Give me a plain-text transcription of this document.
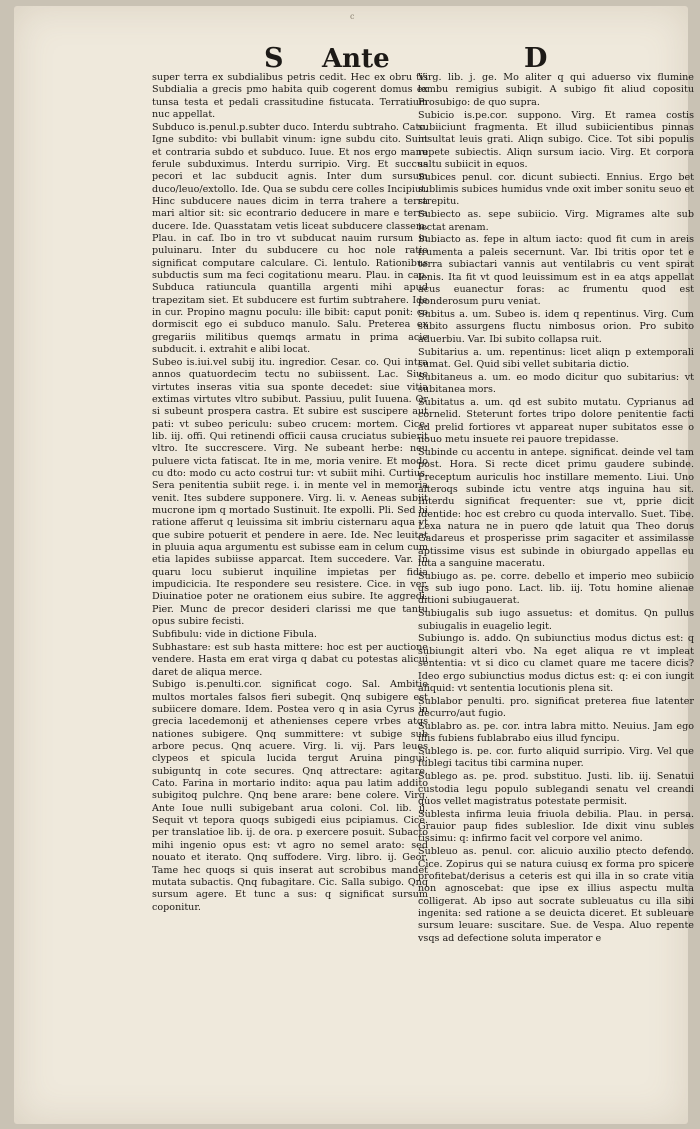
c
S Ante	D

super terra ex subdialibus petris cedit. Hec ex obru tis Subdialia a grecis pmo habita quib cogerent domus ex tunsa testa et pedali crassitudine fistucata. Terratium nuc appellat.

Subduco is.penul.p.subter duco. Interdu subtraho. Cato. Igne subdito: vbi bullabit vinum: igne subdu cito. Sunt et contraria subdo et subduco. Iuue. Et nos ergo manu ferule subduximus. Interdu surripio. Virg. Et succus pecori et lac subducit agnis. Inter dum sursum duco/leuo/extollo. Ide. Qua se subdu cere colles Incipiut. Hinc subducere naues dicim in terra trahere a terra mari altior sit: sic econtrario deducere in mare e terra ducere. Ide. Quasstatam vetis liceat subducere classem. Plau. in caf. Ibo in tro vt subducat nauim rursum in puluinaru. Inter du subducere cu hoc nole ratio significat computare calculare. Ci. lentulo. Rationibus subductis sum ma feci cogitationu mearu. Plau. in cap. Subduca ratiuncula quantilla argenti mihi apud trapezitam siet. Et subducere est furtim subtrahere. Ide in cur. Propino magnu poculu: ille bibit: caput ponit: co dormiscit ego ei subduco manulo. Salu. Preterea ex gregariis militibus quemqs armatu in prima acie subducit. i. extrahit e alibi locat.

Subeo is.iui.vel subij itu. ingredior. Cesar. co. Qui intra annos quatuordecim tectu no subiissent. Lac. Siue virtutes inseras vitia sua sponte decedet: siue vitia extimas virtutes vltro subibut. Passiuu, pulit Iuuena. Qr si subeunt prospera castra. Et subire est suscipere aut pati: vt subeo periculu: subeo crucem: mortem. Cice. lib. iij. offi. Qui retinendi officii causa cruciatus subierit vltro. Ite succrescere. Virg. Ne subeant herbe: neu puluere victa fatiscat. Ite in me, moria venire. Et modo cu dto: modo cu acto costrui tur: vt subiit mihi. Curtius. Sera penitentia subiit rege. i. in mente vel in memoria venit. Ites subdere supponere. Virg. li. v. Aeneas subiit mucrone ipm q mortado Sustinuit. Ite expolli. Pli. Sed hi ratione afferut q leuissima sit imbriu cisternaru aqua vt que subire potuerit et pendere in aere. Ide. Nec leuitat in pluuia aqua argumentu est subisse eam in celum cum etia lapides subiisse apparcat. Item succedere. Var. In quaru locu subierut inquiline impietas per fidia impudicicia. Ite respondere seu resistere. Cice. in ver. Diuinatioe poter ne orationem eius subire. Ite aggredi. Pier. Munc de precor desideri clarissi me que tantu opus subire fecisti.

Subfibulu: vide in dictione Fibula.

Subhastare: est sub hasta mittere: hoc est per auctione vendere. Hasta em erat virga q dabat cu potestas alicui daret de aliqua merce.

Subigo is.penulti.cor. significat cogo. Sal. Ambitio multos mortales falsos fieri subegit. Qnq subigere est subiicere domare. Idem. Postea vero q in asia Cyrus in grecia lacedemonij et athenienses cepere vrbes atqs nationes subigere. Qnq summittere: vt subige sub arbore pecus. Qnq acuere. Virg. li. vij. Pars leues clypeos et spicula lucida tergut Aruina pingui: subiguntq in cote secures. Qnq attrectare: agitare. Cato. Farina in mortario indito: aqua pau latim addito subigitoq pulchre. Qnq bene arare: bene colere. Virg. Ante Ioue nulli subigebant arua coloni. Col. lib. ij. Sequit vt tepora quoqs subigedi eius pcipiamus. Cice. per translatioe lib. ij. de ora. p exercere posuit. Subacto mihi ingenio opus est: vt agro no semel arato: sed nouato et iterato. Qnq suffodere. Virg. libro. ij. Geor. Tame hec quoqs si quis inserat aut scrobibus mandet mutata subactis. Qnq fubagitare. Cic. Salla subigo. Qnq sursum agere. Et tunc a sus: q significat sursum coponitur.

Virg. lib. j. ge. Mo aliter q qui aduerso vix flumine lembu remigius subigit. A subigo fit aliud copositu Prosubigo: de quo supra.

Subicio is.pe.cor. suppono. Virg. Et ramea costis subiiciunt fragmenta. Et illud subiicientibus pinnas insultat leuis grati. Aliqn subigo. Cice. Tot sibi populis repete subiectis. Aliqn sursum iacio. Virg. Et corpora saltu subiicit in equos.

Subices penul. cor. dicunt subiecti. Ennius. Ergo bet sublimis subices humidus vnde oxit imber sonitu seuo et strepitu.

Subiecto as. sepe subiicio. Virg. Migrames alte sub iectat arenam.

Subiacto as. fepe in altum iacto: quod fit cum in areis frumenta a paleis secernunt. Var. Ibi tritis opor tet e terra subiactari vannis aut ventilabris cu vent spirat lenis. Ita fit vt quod leuissimum est in ea atqs appellat acus euanectur foras: ac frumentu quod est ponderosum puru veniat.

Subitus a. um. Subeo is. idem q repentinus. Virg. Cum subito assurgens fluctu nimbosus orion. Pro subito aduerbiu. Var. Ibi subito collapsa ruit.

Subitarius a. um. repentinus: licet aliqn p extemporali sumat. Gel. Quid sibi vellet subitaria dictio.

Subitaneus a. um. eo modo dicitur quo subitarius: vt subitanea mors.

Subitatus a. um. qd est subito mutatu. Cyprianus ad cornelid. Steterunt fortes tripo dolore penitentie facti ad prelid fortiores vt appareat nuper subitatos esse o nouo metu insuete rei pauore trepidasse.

Subinde cu accentu in antepe. significat. deinde vel tam post. Hora. Si recte dicet primu gaudere subinde. Preceptum auriculis hoc instillare memento. Liui. Uno alteroqs subinde ictu ventre atqs inguina hau sit. Interdu significat frequenter: sue vt, pprie dicit identide: hoc est crebro cu quoda intervallo. Suet. Tibe. Lexa natura ne in puero qde latuit qua Theo dorus Gadareus et prosperisse prim sagaciter et assimilasse aptissime visus est subinde in obiurgado appellas eu luta a sanguine maceratu.

Subiugo as. pe. corre. debello et imperio meo subiicio qs sub iugo pono. Lact. lib. iij. Totu homine alienae ditioni subiugauerat.

Subiugalis sub iugo assuetus: et domitus. Qn pullus subiugalis in euagelio legit.

Subiungo is. addo. Qn subiunctius modus dictus est: q subiungit alteri vbo. Na eget aliqua re vt impleat sententia: vt si dico cu clamet quare me tacere dicis? Ideo ergo subiunctius modus dictus est: q: ei con iungit aliquid: vt sententia locutionis plena sit.

Sublabor penulti. pro. significat preterea fiue latenter decurro/aut fugio.

Sublabro as. pe. cor. intra labra mitto. Neuius. Jam ego illis fubiens fublabrabo eius illud fyncipu.

Sublego is. pe. cor. furto aliquid surripio. Virg. Vel que fublegi tacitus tibi carmina nuper.

Sublego as. pe. prod. substituo. Justi. lib. iij. Senatui custodia legu populo sublegandi senatu vel creandi quos vellet magistratus potestate permisit.

Sublesta infirma leuia friuola debilia. Plau. in persa. Grauior paup fides subleslior. Ide dixit vinu subles tissimu: q: infirmo facit vel corpore vel animo.

Subleuo as. penul. cor. alicuio auxilio ptecto defendo. Cice. Zopirus qui se natura cuiusq ex forma pro spicere profitebat/derisus a ceteris est qui illa in so crate vitia non agnoscebat: que ipse ex illius aspectu multa colligerat. Ab ipso aut socrate subleuatus cu illa sibi ingenita: sed ratione a se deuicta diceret. Et subleuare sursum leuare: suscitare. Sue. de Vespa. Aluo repente vsqs ad defectione soluta imperator e
